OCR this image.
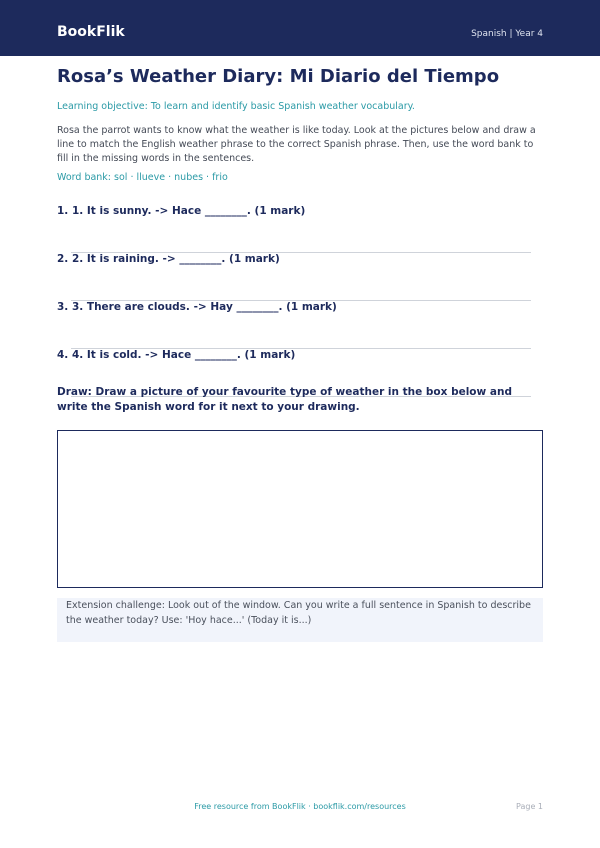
BookFlik	Spanish | Year 4
Rosa’s Weather Diary: Mi Diario del Tiempo
Learning objective: To learn and identify basic Spanish weather vocabulary.
Rosa the parrot wants to know what the weather is like today. Look at the pictures below and draw a line to match the English weather phrase to the correct Spanish phrase. Then, use the word bank to fill in the missing words in the sentences.
Word bank: sol · llueve · nubes · frio
1. 1. It is sunny. -> Hace ________. (1 mark)
2. 2. It is raining. -> ________. (1 mark)
3. 3. There are clouds. -> Hay ________. (1 mark)
4. 4. It is cold. -> Hace ________. (1 mark)
Draw: Draw a picture of your favourite type of weather in the box below and write the Spanish word for it next to your drawing.
Extension challenge: Look out of the window. Can you write a full sentence in Spanish to describe the weather today? Use: 'Hoy hace...' (Today it is...)
Free resource from BookFlik · bookflik.com/resources	Page 1
